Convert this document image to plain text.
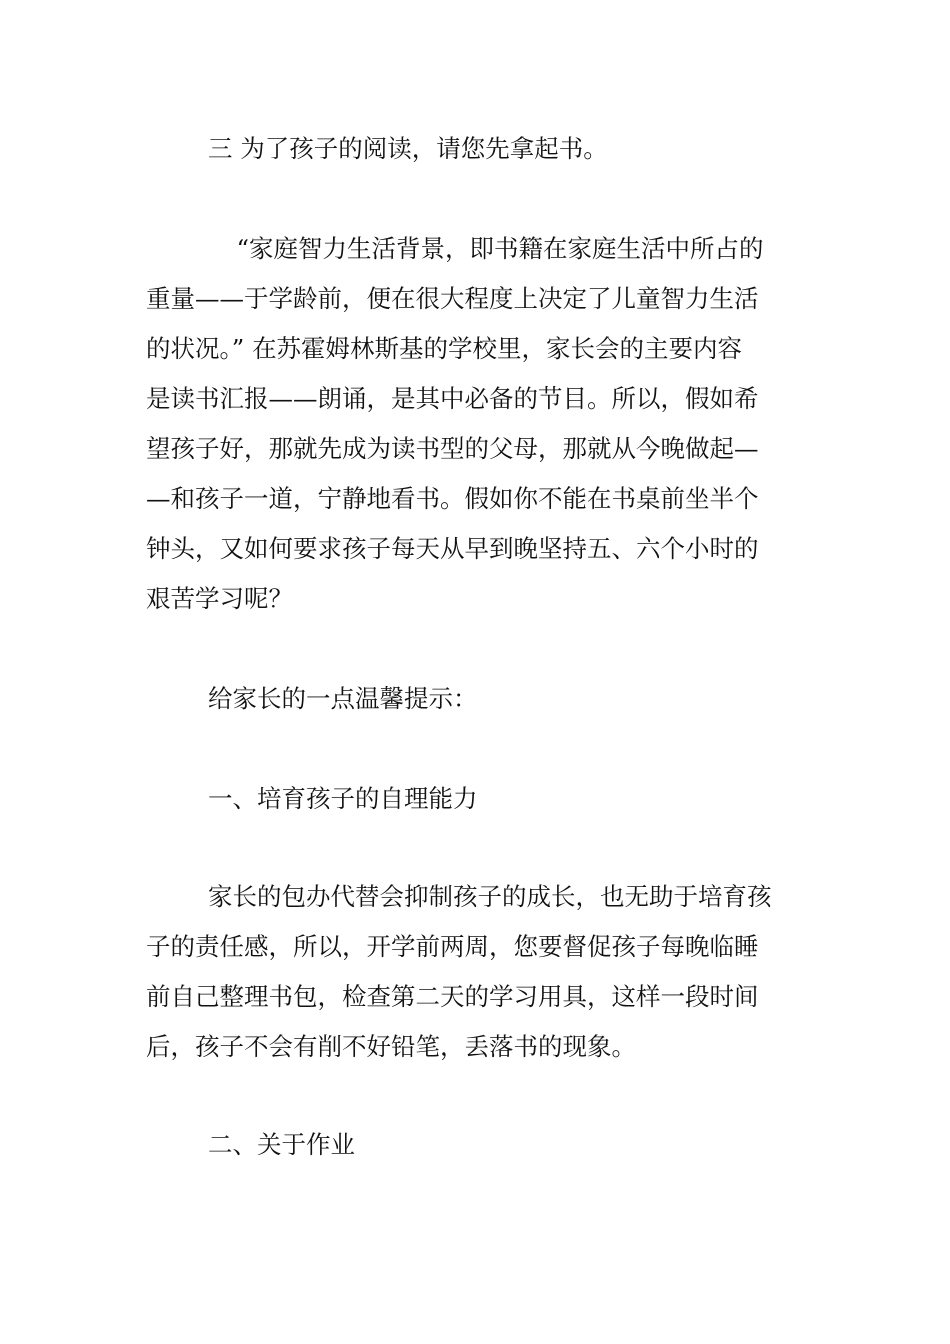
三 为了孩子的阅读，请您先拿起书。
　“家庭智力生活背景，即书籍在家庭生活中所占的
重量——于学龄前，便在很大程度上决定了儿童智力生活
的状况。” 在苏霍姆林斯基的学校里，家长会的主要内容
是读书汇报——朗诵，是其中必备的节目。所以，假如希
望孩子好，那就先成为读书型的父母，那就从今晚做起—
—和孩子一道，宁静地看书。假如你不能在书桌前坐半个
钟头，又如何要求孩子每天从早到晚坚持五、六个小时的
艰苦学习呢？
给家长的一点温馨提示：
一、培育孩子的自理能力
家长的包办代替会抑制孩子的成长，也无助于培育孩
子的责任感，所以，开学前两周，您要督促孩子每晚临睡
前自己整理书包，检查第二天的学习用具，这样一段时间
后，孩子不会有削不好铅笔，丢落书的现象。
二、关于作业
